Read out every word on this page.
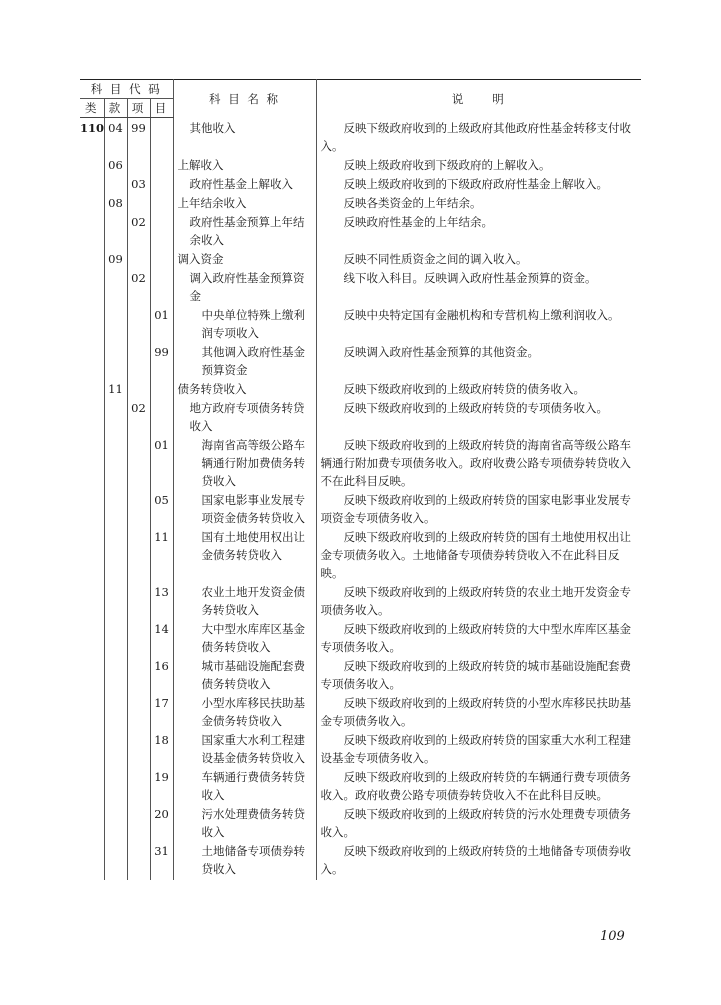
科 目 代 码				科 目 名 称	说　　明
类	款	项	目		
110	04	99		其他收入	反映下级政府收到的上级政府其他政府性基金转移支付收入。

	06			上解收入	反映上级政府收到下级政府的上解收入。

		03		政府性基金上解收入	反映上级政府收到的下级政府政府性基金上解收入。

	08			上年结余收入	反映各类资金的上年结余。

		02		政府性基金预算上年结余收入	反映政府性基金的上年结余。

	09			调入资金	反映不同性质资金之间的调入收入。

		02		调入政府性基金预算资金	线下收入科目。反映调入政府性基金预算的资金。

			01	中央单位特殊上缴利润专项收入	反映中央特定国有金融机构和专营机构上缴利润收入。

			99	其他调入政府性基金预算资金	反映调入政府性基金预算的其他资金。

	11			债务转贷收入	反映下级政府收到的上级政府转贷的债务收入。

		02		地方政府专项债务转贷收入	反映下级政府收到的上级政府转贷的专项债务收入。

			01	海南省高等级公路车辆通行附加费债务转贷收入	反映下级政府收到的上级政府转贷的海南省高等级公路车辆通行附加费专项债务收入。政府收费公路专项债券转贷收入不在此科目反映。

			05	国家电影事业发展专项资金债务转贷收入	反映下级政府收到的上级政府转贷的国家电影事业发展专项资金专项债务收入。

			11	国有土地使用权出让金债务转贷收入	反映下级政府收到的上级政府转贷的国有土地使用权出让金专项债务收入。土地储备专项债券转贷收入不在此科目反映。

			13	农业土地开发资金债务转贷收入	反映下级政府收到的上级政府转贷的农业土地开发资金专项债务收入。

			14	大中型水库库区基金债务转贷收入	反映下级政府收到的上级政府转贷的大中型水库库区基金专项债务收入。

			16	城市基础设施配套费债务转贷收入	反映下级政府收到的上级政府转贷的城市基础设施配套费专项债务收入。

			17	小型水库移民扶助基金债务转贷收入	反映下级政府收到的上级政府转贷的小型水库移民扶助基金专项债务收入。

			18	国家重大水利工程建设基金债务转贷收入	反映下级政府收到的上级政府转贷的国家重大水利工程建设基金专项债务收入。

			19	车辆通行费债务转贷收入	反映下级政府收到的上级政府转贷的车辆通行费专项债务收入。政府收费公路专项债券转贷收入不在此科目反映。

			20	污水处理费债务转贷收入	反映下级政府收到的上级政府转贷的污水处理费专项债务收入。

			31	土地储备专项债券转贷收入	反映下级政府收到的上级政府转贷的土地储备专项债券收入。
109
